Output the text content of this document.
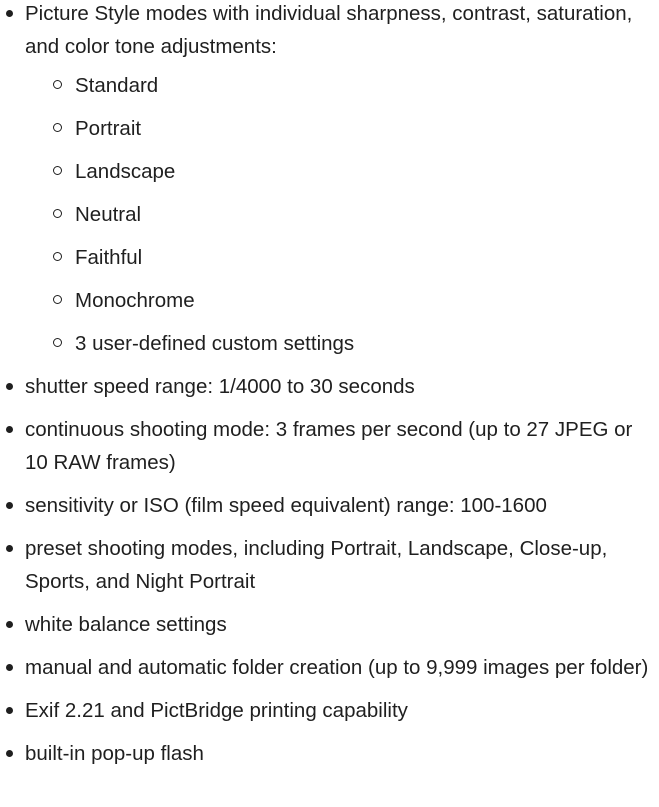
Picture Style modes with individual sharpness, contrast, saturation, and color tone adjustments:
Standard
Portrait
Landscape
Neutral
Faithful
Monochrome
3 user-defined custom settings
shutter speed range: 1/4000 to 30 seconds
continuous shooting mode: 3 frames per second (up to 27 JPEG or 10 RAW frames)
sensitivity or ISO (film speed equivalent) range: 100-1600
preset shooting modes, including Portrait, Landscape, Close-up, Sports, and Night Portrait
white balance settings
manual and automatic folder creation (up to 9,999 images per folder)
Exif 2.21 and PictBridge printing capability
built-in pop-up flash
